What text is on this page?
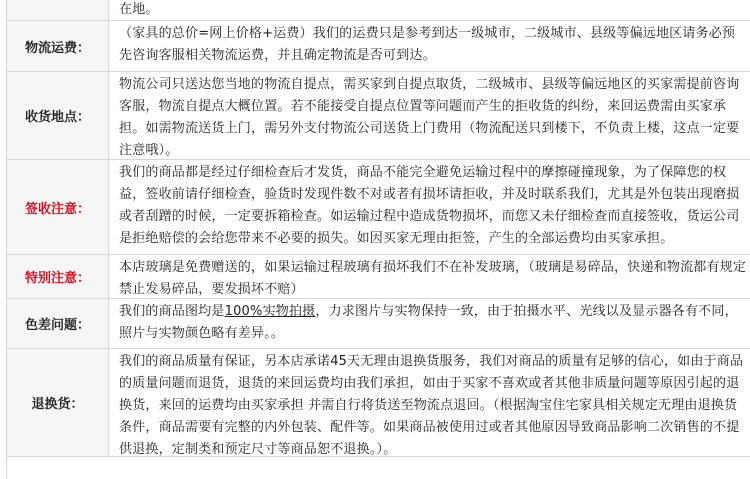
在地。
物流运费：
（家具的总价=网上价格+运费）我们的运费只是参考到达一级城市，二级城市、县级等偏远地区请务必预先咨询客服相关物流运费，并且确定物流是否可到达。
收货地点：
物流公司只送达您当地的物流自提点，需买家到自提点取货，二级城市、县级等偏远地区的买家需提前咨询客服，物流自提点大概位置。若不能接受自提点位置等问题而产生的拒收货的纠纷，来回运费需由买家承担。如需物流送货上门，需另外支付物流公司送货上门费用（物流配送只到楼下，不负责上楼，这点一定要注意哦）。
签收注意：
我们的商品都是经过仔细检查后才发货，商品不能完全避免运输过程中的摩擦碰撞现象，为了保障您的权益，签收前请仔细检查，验货时发现件数不对或者有损坏请拒收，并及时联系我们，尤其是外包装出现磨损或者刮蹭的时候，一定要拆箱检查。如运输过程中造成货物损坏，而您又未仔细检查而直接签收，货运公司是拒绝赔偿的会给您带来不必要的损失。如因买家无理由拒签，产生的全部运费均由买家承担。
特别注意：
本店玻璃是免费赠送的，如果运输过程玻璃有损坏我们不在补发玻璃，（玻璃是易碎品，快递和物流都有规定禁止发易碎品，要发损坏不赔）
色差问题：
我们的商品图均是100%实物拍摄，力求图片与实物保持一致，由于拍摄水平、光线以及显示器各有不同，照片与实物颜色略有差异。。
退换货：
我们的商品质量有保证，另本店承诺45天无理由退换货服务，我们对商品的质量有足够的信心，如由于商品的质量问题而退货，退货的来回运费均由我们承担，如由于买家不喜欢或者其他非质量问题等原因引起的退换货，来回的运费均由买家承担 并需自行将货送至物流点退回。（根据淘宝住宅家具相关规定无理由退换货条件，商品需要有完整的内外包装、配件等。如果商品被使用过或者其他原因导致商品影响二次销售的不提供退换，定制类和预定尺寸等商品恕不退换。）。
